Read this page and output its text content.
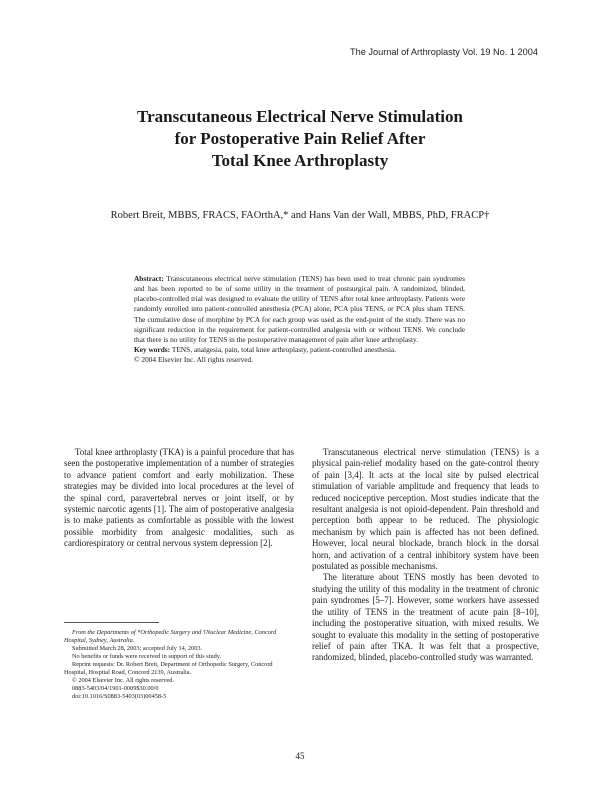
The Journal of Arthroplasty Vol. 19 No. 1 2004
Transcutaneous Electrical Nerve Stimulation
for Postoperative Pain Relief After
Total Knee Arthroplasty
Robert Breit, MBBS, FRACS, FAOrthA,* and Hans Van der Wall, MBBS, PhD, FRACP†

Abstract: Transcutaneous electrical nerve stimulation (TENS) has been used to treat chronic pain syndromes and has been reported to be of some utility in the treatment of postsurgical pain. A randomized, blinded, placebo-controlled trial was designed to evaluate the utility of TENS after total knee arthroplasty. Patients were randomly enrolled into patient-controlled anesthesia (PCA) alone, PCA plus TENS, or PCA plus sham TENS. The cumulative dose of morphine by PCA for each group was used as the end-point of the study. There was no significant reduction in the requirement for patient-controlled analgesia with or without TENS. We conclude that there is no utility for TENS in the postoperative management of pain after knee arthroplasty.

Key words: TENS, analgesia, pain, total knee arthroplasty, patient-controlled anesthesia.

© 2004 Elsevier Inc. All rights reserved.

Total knee arthroplasty (TKA) is a painful procedure that has seen the postoperative implementation of a number of strategies to advance patient comfort and early mobilization. These strategies may be divided into local procedures at the level of the spinal cord, paravertebral nerves or joint itself, or by systemic narcotic agents [1]. The aim of postoperative analgesia is to make patients as comfortable as possible with the lowest possible morbidity from analgesic modalities, such as cardiorespiratory or central nervous system depression [2].

Transcutaneous electrical nerve stimulation (TENS) is a physical pain-relief modality based on the gate-control theory of pain [3,4]. It acts at the local site by pulsed electrical stimulation of variable amplitude and frequency that leads to reduced nociceptive perception. Most studies indicate that the resultant analgesia is not opioid-dependent. Pain threshold and perception both appear to be reduced. The physiologic mechanism by which pain is affected has not been defined. However, local neural blockade, branch block in the dorsal horn, and activation of a central inhibitory system have been postulated as possible mechanisms.

The literature about TENS mostly has been devoted to studying the utility of this modality in the treatment of chronic pain syndromes [5–7]. However, some workers have assessed the utility of TENS in the treatment of acute pain [8–10], including the postoperative situation, with mixed results. We sought to evaluate this modality in the setting of postoperative relief of pain after TKA. It was felt that a prospective, randomized, blinded, placebo-controlled study was warranted.

From the Departments of *Orthopedic Surgery and †Nuclear Medicine, Concord Hospital, Sydney, Australia.

Submitted March 28, 2003; accepted July 14, 2003.

No benefits or funds were received in support of this study.

Reprint requests: Dr. Robert Breit, Department of Orthopedic Surgery, Concord Hospital, Hospital Road, Concord 2139, Australia.

© 2004 Elsevier Inc. All rights reserved.

0883-5403/04/1901-0009$30.00/0

doi:10.1016/S0883-5403(03)00458-5

45
